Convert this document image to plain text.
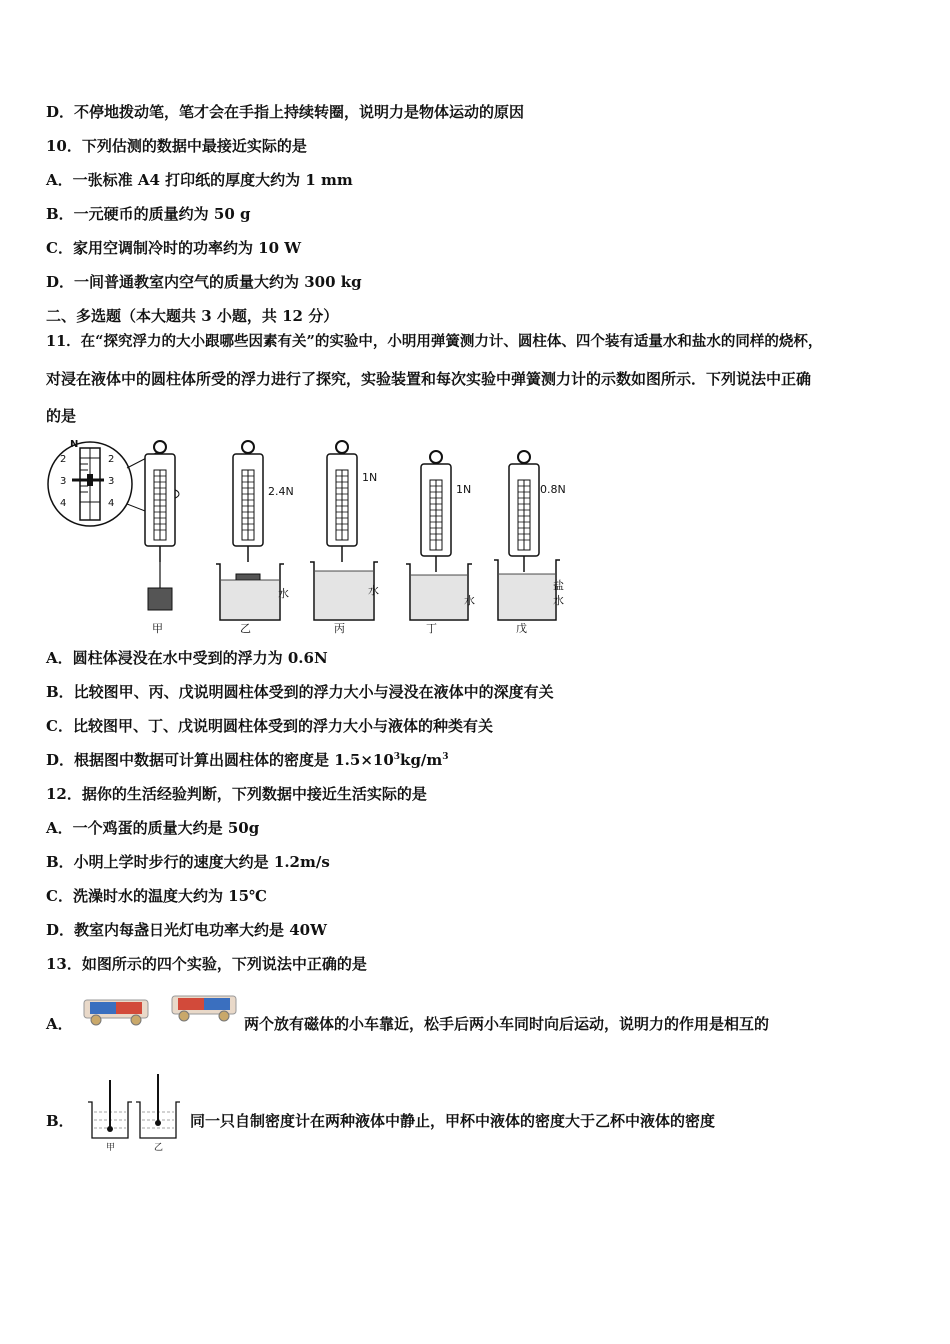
D．不停地拨动笔，笔才会在手指上持续转圈，说明力是物体运动的原因
10．下列估测的数据中最接近实际的是
A．一张标准 A4 打印纸的厚度大约为 1 mm
B．一元硬币的质量约为 50 g
C．家用空调制冷时的功率约为 10 W
D．一间普通教室内空气的质量大约为 300 kg
二、多选题（本大题共 3 小题，共 12 分）
11．在“探究浮力的大小跟哪些因素有关”的实验中，小明用弹簧测力计、圆柱体、四个装有适量水和盐水的同样的烧杯，
对浸在液体中的圆柱体所受的浮力进行了探究，实验装置和每次实验中弹簧测力计的示数如图所示．下列说法中正确
的是
N
2
3
4
2
3
4
甲
2.4N
水
乙
1N
水
丙
1N
水
丁
0.8N
盐
水
戊
A．圆柱体浸没在水中受到的浮力为 0.6N
B．比较图甲、丙、戊说明圆柱体受到的浮力大小与浸没在液体中的深度有关
C．比较图甲、丁、戊说明圆柱体受到的浮力大小与液体的种类有关
D．根据图中数据可计算出圆柱体的密度是 $1.5\times 10^3kg/m^3$
12．据你的生活经验判断，下列数据中接近生活实际的是
A．一个鸡蛋的质量大约是 50g
B．小明上学时步行的速度大约是 1.2m/s
C．洗澡时水的温度大约为 15℃
D．教室内每盏日光灯电功率大约是 40W
13．如图所示的四个实验，下列说法中正确的是
A．	两个放有磁体的小车靠近，松手后两小车同时向后运动，说明力的作用是相互的
B．
甲	乙
同一只自制密度计在两种液体中静止，甲杯中液体的密度大于乙杯中液体的密度
